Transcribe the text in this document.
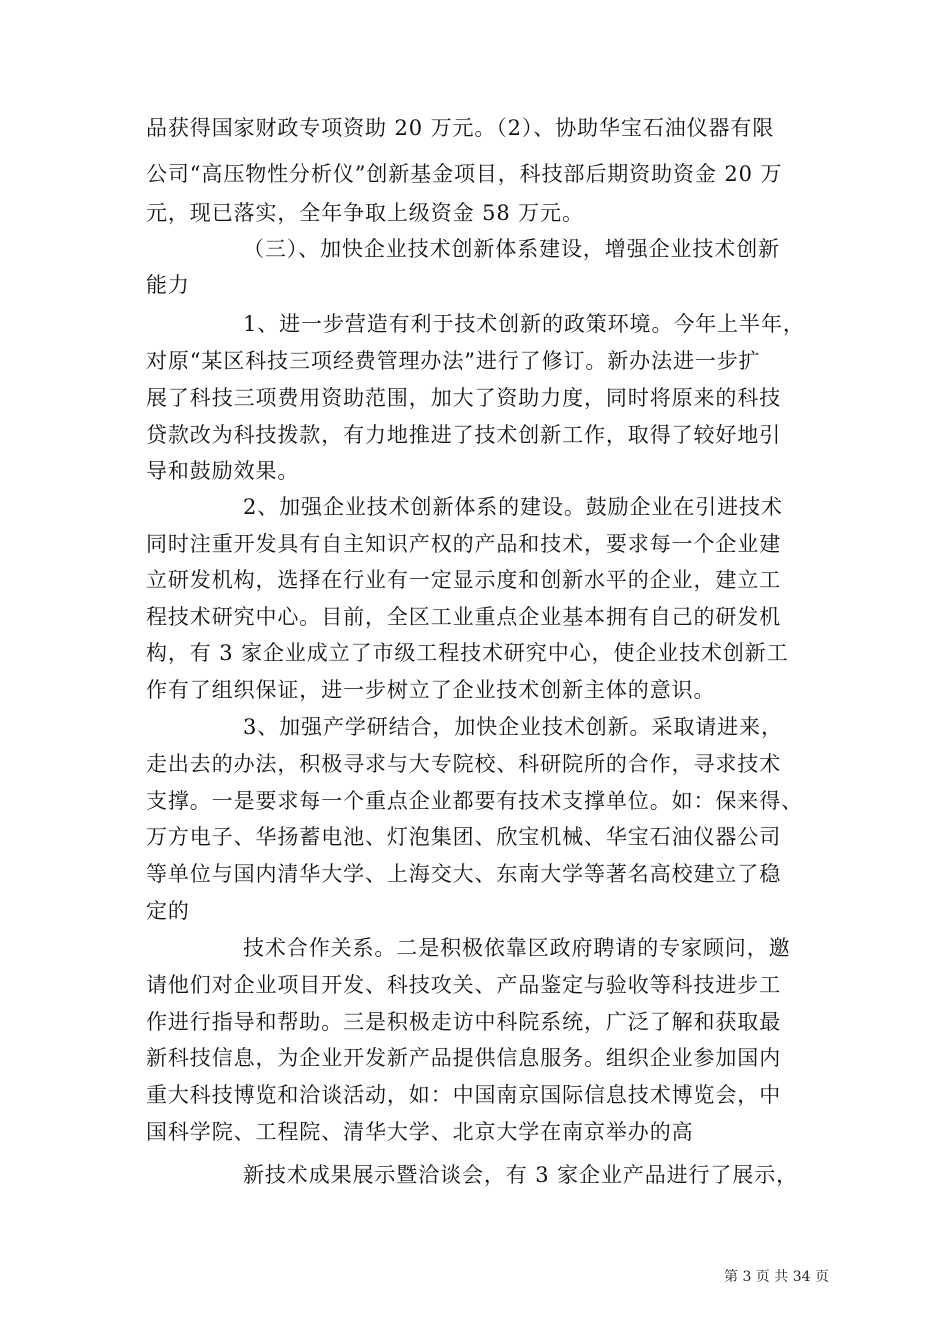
品获得国家财政专项资助 20 万元。（2）、协助华宝石油仪器有限
公司“高压物性分析仪”创新基金项目，科技部后期资助资金 20 万
元，现已落实，全年争取上级资金 58 万元。
（三）、加快企业技术创新体系建设，增强企业技术创新
能力
1、进一步营造有利于技术创新的政策环境。今年上半年，
对原“某区科技三项经费管理办法”进行了修订。新办法进一步扩
展了科技三项费用资助范围，加大了资助力度，同时将原来的科技
贷款改为科技拨款，有力地推进了技术创新工作，取得了较好地引
导和鼓励效果。
2、加强企业技术创新体系的建设。鼓励企业在引进技术
同时注重开发具有自主知识产权的产品和技术，要求每一个企业建
立研发机构，选择在行业有一定显示度和创新水平的企业，建立工
程技术研究中心。目前，全区工业重点企业基本拥有自己的研发机
构，有 3 家企业成立了市级工程技术研究中心，使企业技术创新工
作有了组织保证，进一步树立了企业技术创新主体的意识。
3、加强产学研结合，加快企业技术创新。采取请进来，
走出去的办法，积极寻求与大专院校、科研院所的合作，寻求技术
支撑。一是要求每一个重点企业都要有技术支撑单位。如：保来得、
万方电子、华扬蓄电池、灯泡集团、欣宝机械、华宝石油仪器公司
等单位与国内清华大学、上海交大、东南大学等著名高校建立了稳
定的
技术合作关系。二是积极依靠区政府聘请的专家顾问，邀
请他们对企业项目开发、科技攻关、产品鉴定与验收等科技进步工
作进行指导和帮助。三是积极走访中科院系统，广泛了解和获取最
新科技信息，为企业开发新产品提供信息服务。组织企业参加国内
重大科技博览和洽谈活动，如：中国南京国际信息技术博览会，中
国科学院、工程院、清华大学、北京大学在南京举办的高
新技术成果展示暨洽谈会，有 3 家企业产品进行了展示，
第 3 页 共 34 页
